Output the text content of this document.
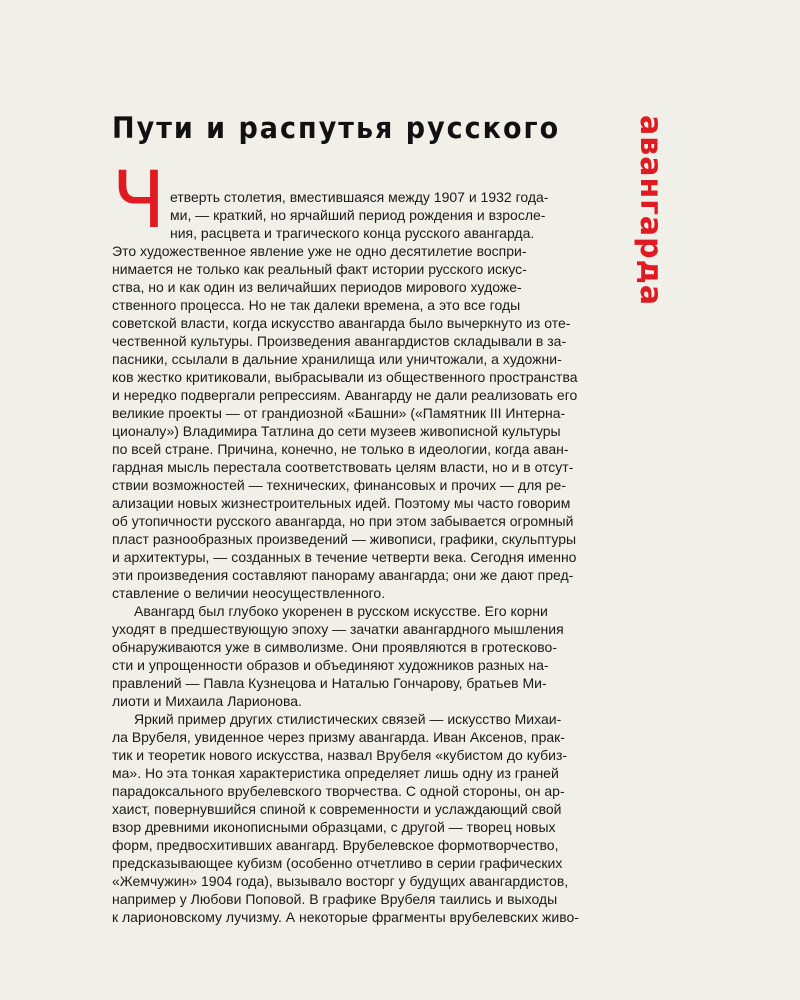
Пути и распутья русского авангарда
Ч етверть столетия, вместившаяся между 1907 и 1932 года-
ми, — краткий, но ярчайший период рождения и взросле-
ния, расцвета и трагического конца русского авангарда.
Это художественное явление уже не одно десятилетие воспри-
нимается не только как реальный факт истории русского искус-
ства, но и как один из величайших периодов мирового художе-
ственного процесса. Но не так далеки времена, а это все годы
советской власти, когда искусство авангарда было вычеркнуто из оте-
чественной культуры. Произведения авангардистов складывали в за-
пасники, ссылали в дальние хранилища или уничтожали, а художни-
ков жестко критиковали, выбрасывали из общественного пространства
и нередко подвергали репрессиям. Авангарду не дали реализовать его
великие проекты — от грандиозной «Башни» («Памятник III Интерна-
ционалу») Владимира Татлина до сети музеев живописной культуры
по всей стране. Причина, конечно, не только в идеологии, когда аван-
гардная мысль перестала соответствовать целям власти, но и в отсут-
ствии возможностей — технических, финансовых и прочих — для ре-
ализации новых жизнестроительных идей. Поэтому мы часто говорим
об утопичности русского авангарда, но при этом забывается огромный
пласт разнообразных произведений — живописи, графики, скульптуры
и архитектуры, — созданных в течение четверти века. Сегодня именно
эти произведения составляют панораму авангарда; они же дают пред-
ставление о величии неосуществленного.

Авангард был глубоко укоренен в русском искусстве. Его корни
уходят в предшествующую эпоху — зачатки авангардного мышления
обнаруживаются уже в символизме. Они проявляются в гротесково-
сти и упрощенности образов и объединяют художников разных на-
правлений — Павла Кузнецова и Наталью Гончарову, братьев Ми-
лиоти и Михаила Ларионова.

Яркий пример других стилистических связей — искусство Михаи-
ла Врубеля, увиденное через призму авангарда. Иван Аксенов, прак-
тик и теоретик нового искусства, назвал Врубеля «кубистом до кубиз-
ма». Но эта тонкая характеристика определяет лишь одну из граней
парадоксального врубелевского творчества. С одной стороны, он ар-
хаист, повернувшийся спиной к современности и услаждающий свой
взор древними иконописными образцами, с другой — творец новых
форм, предвосхитивших авангард. Врубелевское формотворчество,
предсказывающее кубизм (особенно отчетливо в серии графических
«Жемчужин» 1904 года), вызывало восторг у будущих авангардистов,
например у Любови Поповой. В графике Врубеля таились и выходы
к ларионовскому лучизму. А некоторые фрагменты врубелевских живо-
